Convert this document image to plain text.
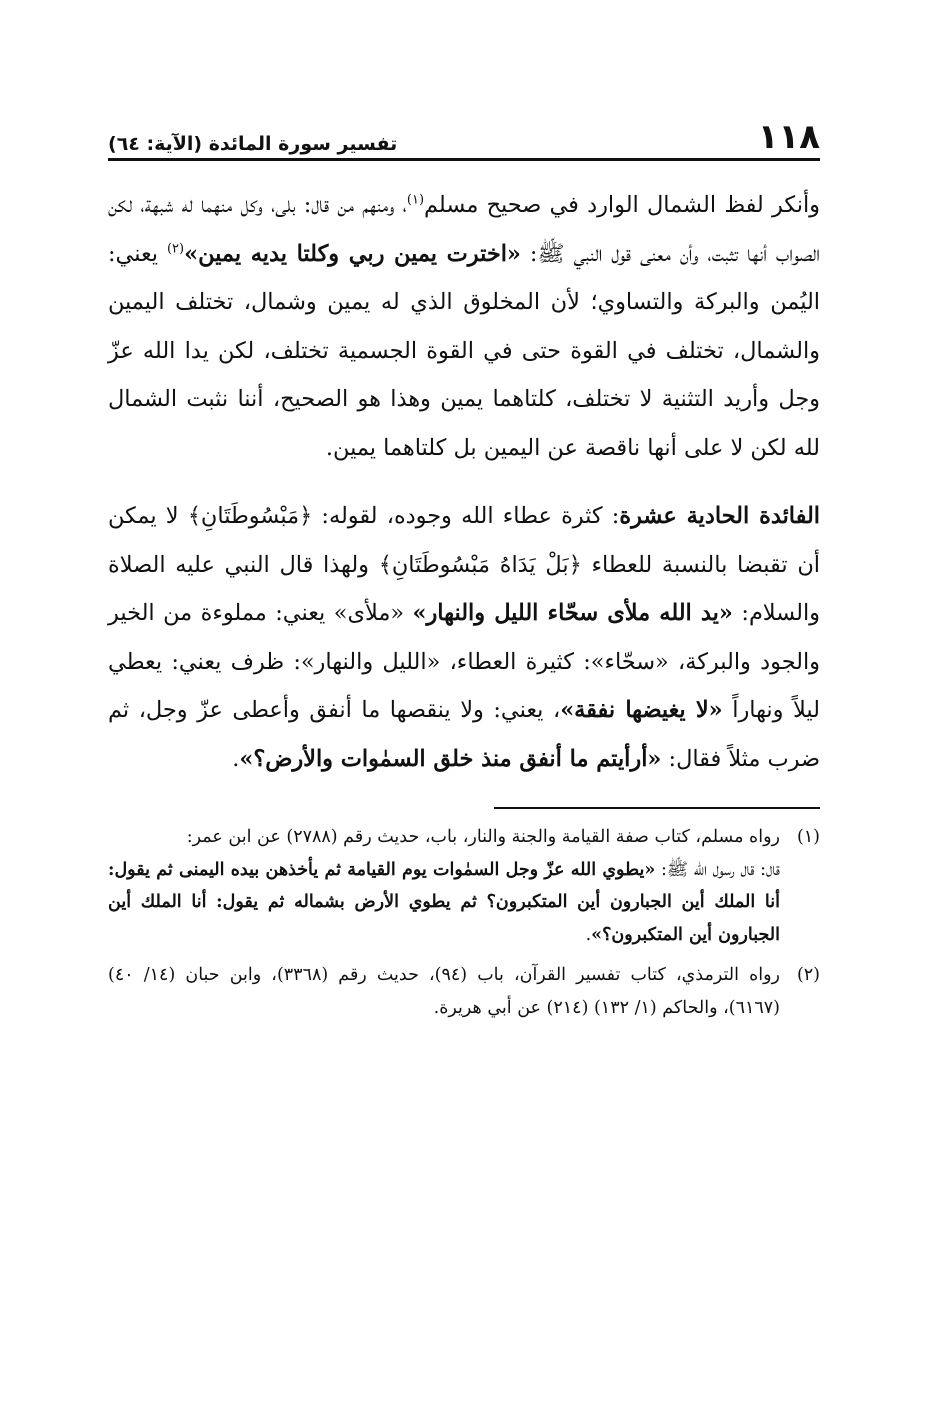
١١٨
تفسير سورة المائدة (الآية: ٦٤)

وأنكر لفظ الشمال الوارد في صحيح مسلم$^{(١)}$، ومنهم من قال: بلى، وكل منهما له شبهة، لكن الصواب أنها تثبت، وأن معنى قول النبي ﷺ: «اخترت يمين ربي وكلتا يديه يمين»$^{(٢)}$ يعني: اليُمن والبركة والتساوي؛ لأن المخلوق الذي له يمين وشمال، تختلف اليمين والشمال، تختلف في القوة حتى في القوة الجسمية تختلف، لكن يدا الله عزّ وجل وأريد التثنية لا تختلف، كلتاهما يمين وهذا هو الصحيح، أننا نثبت الشمال لله لكن لا على أنها ناقصة عن اليمين بل كلتاهما يمين.

الفائدة الحادية عشرة: كثرة عطاء الله وجوده، لقوله: ﴿مَبْسُوطَتَانِ﴾ لا يمكن أن تقبضا بالنسبة للعطاء ﴿بَلْ يَدَاهُ مَبْسُوطَتَانِ﴾ ولهذا قال النبي عليه الصلاة والسلام: «يد الله ملأى سحّاء الليل والنهار» «ملأى» يعني: مملوءة من الخير والجود والبركة، «سحّاء»: كثيرة العطاء، «الليل والنهار»: ظرف يعني: يعطي ليلاً ونهاراً «لا يغيضها نفقة»، يعني: ولا ينقصها ما أنفق وأعطى عزّ وجل، ثم ضرب مثلاً فقال: «أرأيتم ما أنفق منذ خلق السمٰوات والأرض؟».

(١)

رواه مسلم، كتاب صفة القيامة والجنة والنار، باب، حديث رقم (٢٧٨٨) عن ابن عمر:

قال: قال رسول الله ﷺ: «يطوي الله عزّ وجل السمٰوات يوم القيامة ثم يأخذهن بيده اليمنى ثم يقول: أنا الملك أين الجبارون أين المتكبرون؟ ثم يطوي الأرض بشماله ثم يقول: أنا الملك أين الجبارون أين المتكبرون؟».

(٢)

رواه الترمذي، كتاب تفسير القرآن، باب (٩٤)، حديث رقم (٣٣٦٨)، وابن حبان (١٤/ ٤٠) (٦١٦٧)، والحاكم (١/ ١٣٢) (٢١٤) عن أبي هريرة.
